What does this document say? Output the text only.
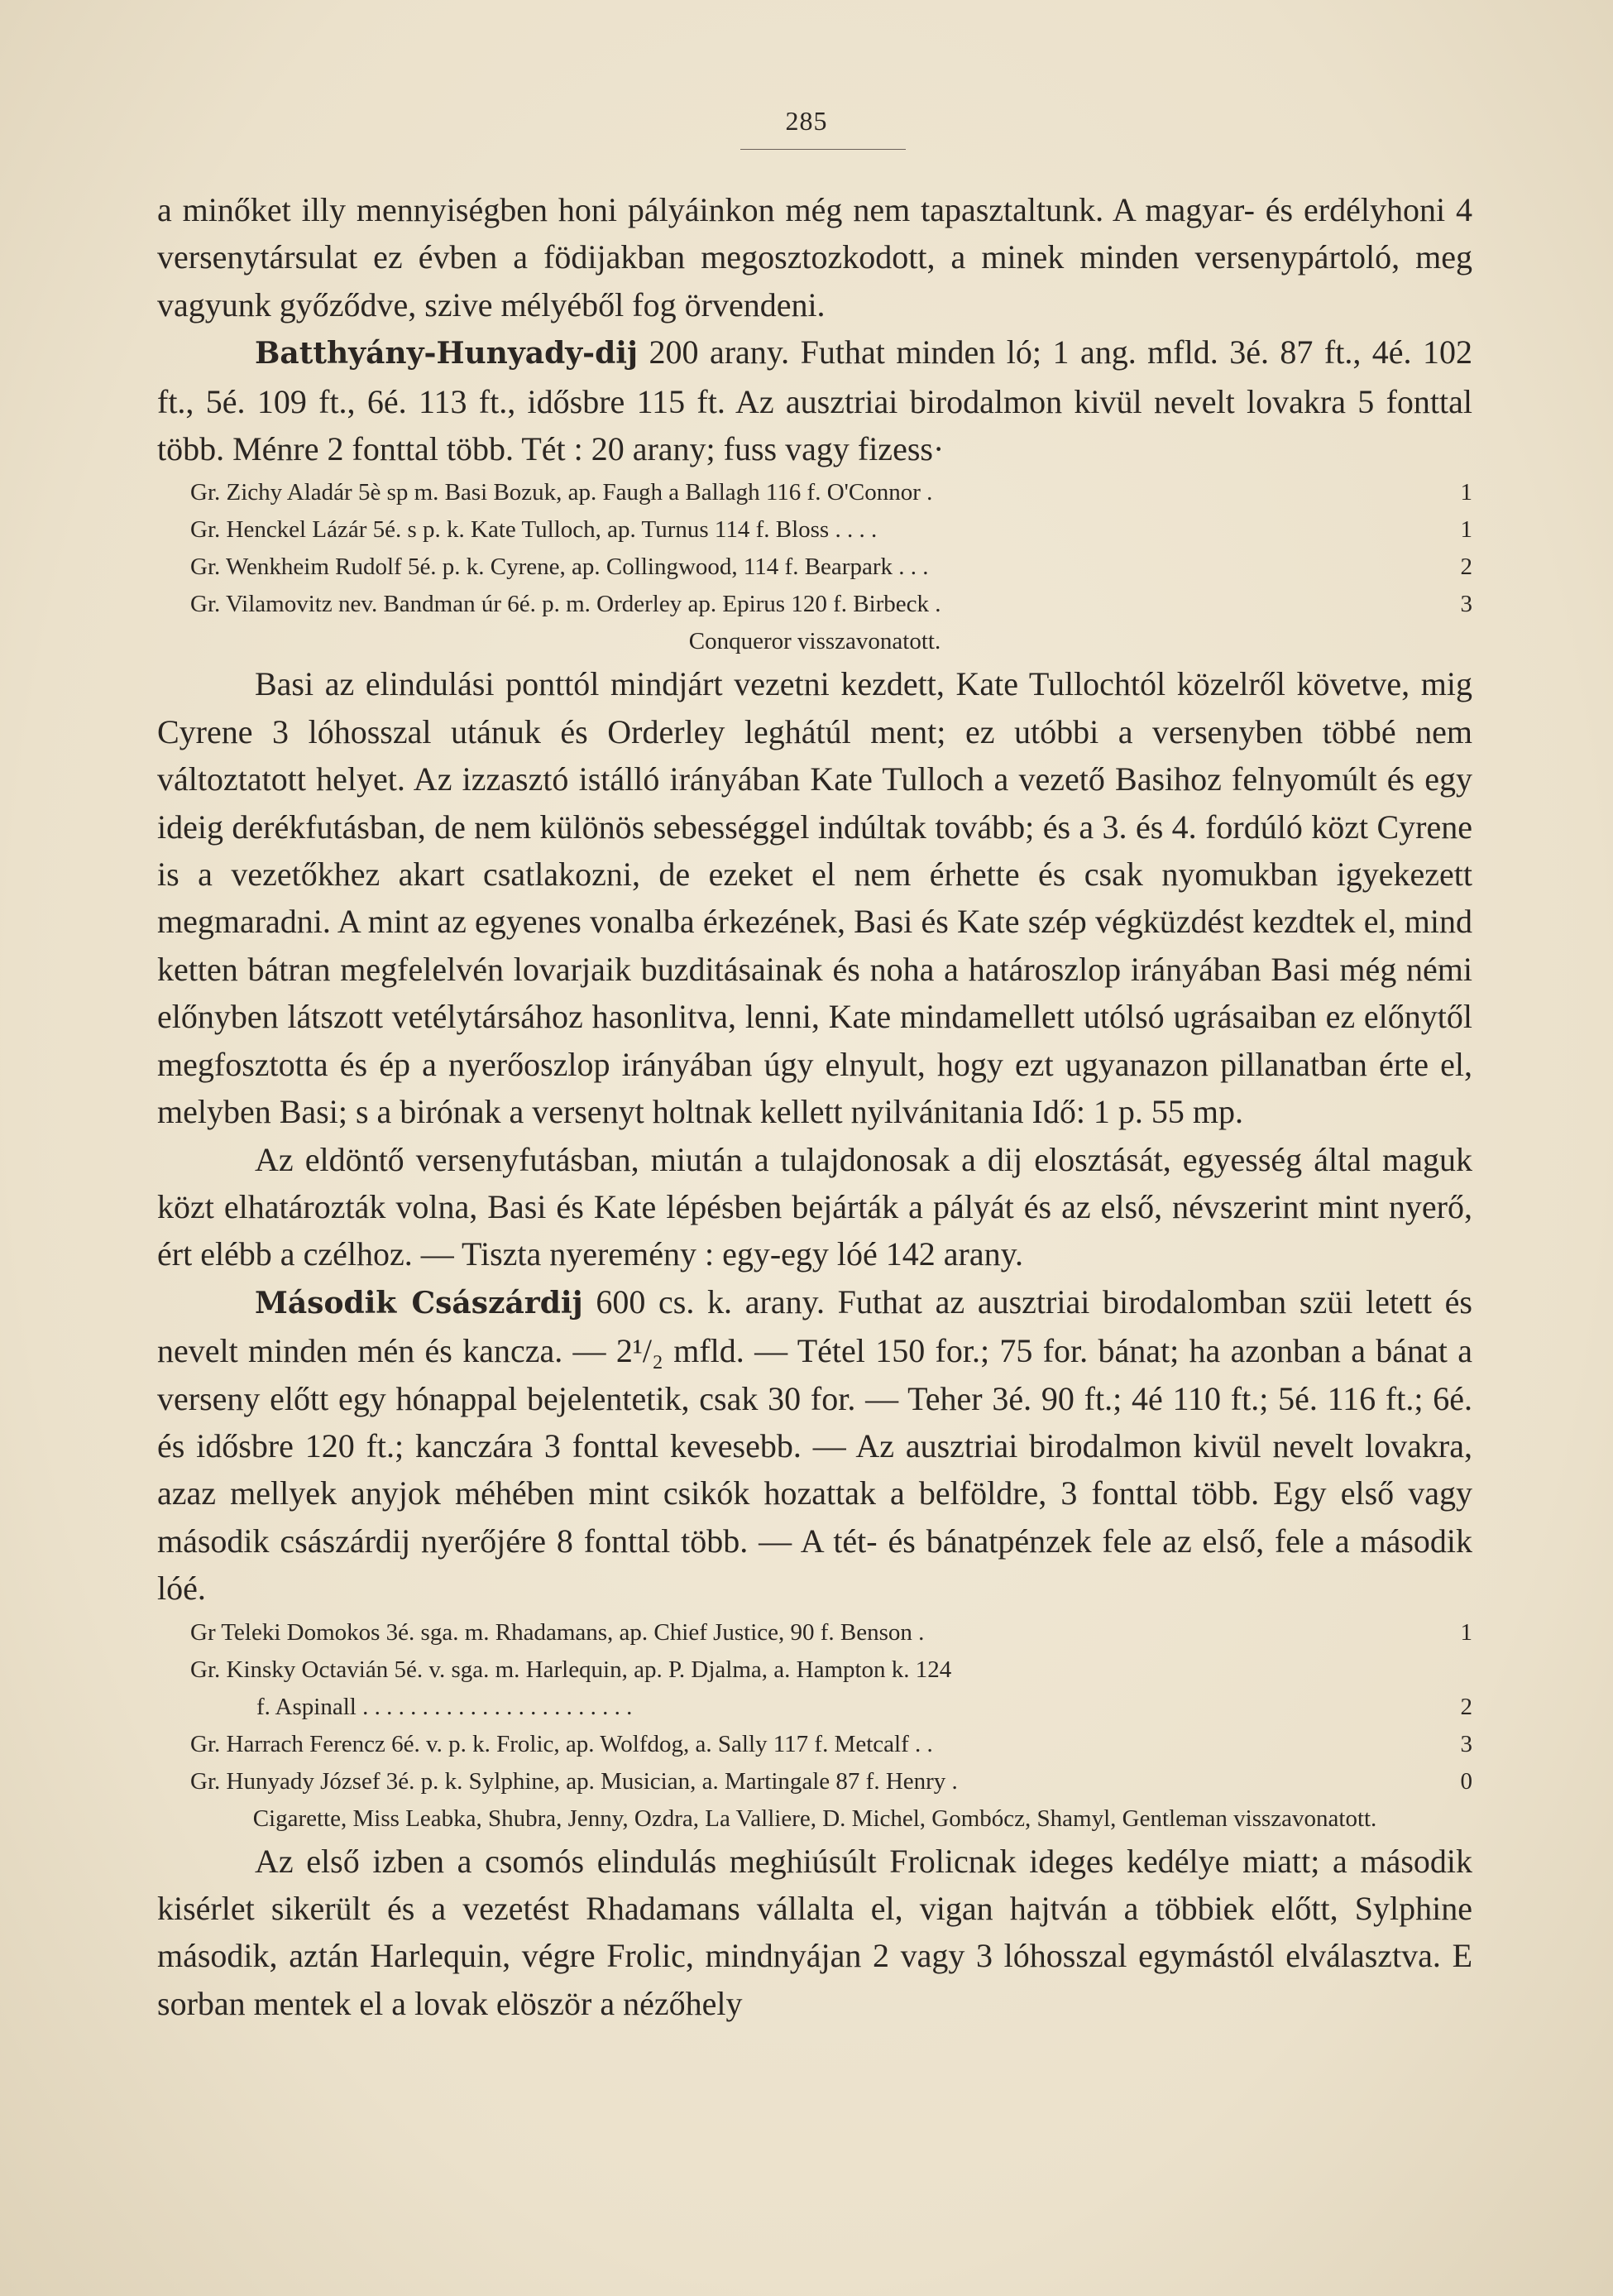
285

a minőket illy mennyiségben honi pályáinkon még nem tapasztaltunk. A magyar- és erdélyhoni 4 versenytársulat ez évben a födijakban megosztozkodott, a minek minden versenypártoló, meg vagyunk győződve, szive mélyéből fog örvendeni.

Batthyány-Hunyady-dij 200 arany. Futhat minden ló; 1 ang. mfld. 3é. 87 ft., 4é. 102 ft., 5é. 109 ft., 6é. 113 ft., idősbre 115 ft. Az ausztriai birodalmon kivül nevelt lovakra 5 fonttal több. Ménre 2 fonttal több. Tét : 20 arany; fuss vagy fizess·

Gr. Zichy Aladár 5è sp m. Basi Bozuk, ap. Faugh a Ballagh 116 f. O'Connor .	1
Gr. Henckel Lázár 5é. s p. k. Kate Tulloch, ap. Turnus 114 f. Bloss . . . .	1
Gr. Wenkheim Rudolf 5é. p. k. Cyrene, ap. Collingwood, 114 f. Bearpark . . .	2
Gr. Vilamovitz nev. Bandman úr 6é. p. m. Orderley ap. Epirus 120 f. Birbeck .	3

Conqueror visszavonatott.

Basi az elindulási ponttól mindjárt vezetni kezdett, Kate Tullochtól közelről követve, mig Cyrene 3 lóhosszal utánuk és Orderley leghátúl ment; ez utóbbi a versenyben többé nem változtatott helyet. Az izzasztó istálló irányában Kate Tulloch a vezető Basihoz felnyomúlt és egy ideig derékfutásban, de nem különös sebességgel indúltak tovább; és a 3. és 4. fordúló közt Cyrene is a vezetőkhez akart csatlakozni, de ezeket el nem érhette és csak nyomukban igyekezett megmaradni. A mint az egyenes vonalba érkezének, Basi és Kate szép végküzdést kezdtek el, mind ketten bátran megfelelvén lovarjaik buzditásainak és noha a határoszlop irányában Basi még némi előnyben látszott vetélytársához hasonlitva, lenni, Kate mindamellett utólsó ugrásaiban ez előnytől megfosztotta és ép a nyerőoszlop irányában úgy elnyult, hogy ezt ugyanazon pillanatban érte el, melyben Basi; s a birónak a versenyt holtnak kellett nyilvánitania Idő: 1 p. 55 mp.

Az eldöntő versenyfutásban, miután a tulajdonosak a dij elosztását, egyesség által maguk közt elhatározták volna, Basi és Kate lépésben bejárták a pályát és az első, névszerint mint nyerő, ért elébb a czélhoz. — Tiszta nyeremény : egy-egy lóé 142 arany.

Második Császárdij 600 cs. k. arany. Futhat az ausztriai birodalomban szüi letett és nevelt minden mén és kancza. — 2¹/₂ mfld. — Tétel 150 for.; 75 for. bánat; ha azonban a bánat a verseny előtt egy hónappal bejelentetik, csak 30 for. — Teher 3é. 90 ft.; 4é 110 ft.; 5é. 116 ft.; 6é. és idősbre 120 ft.; kanczára 3 fonttal kevesebb. — Az ausztriai birodalmon kivül nevelt lovakra, azaz mellyek anyjok méhében mint csikók hozattak a belföldre, 3 fonttal több. Egy első vagy második császárdij nyerőjére 8 fonttal több. — A tét- és bánatpénzek fele az első, fele a második lóé.

Gr Teleki Domokos 3é. sga. m. Rhadamans, ap. Chief Justice, 90 f. Benson .	1
Gr. Kinsky Octavián 5é. v. sga. m. Harlequin, ap. P. Djalma, a. Hampton k. 124
f. Aspinall . . . . . . . . . . . . . . . . . . . . . . .	2
Gr. Harrach Ferencz 6é. v. p. k. Frolic, ap. Wolfdog, a. Sally 117 f. Metcalf . .	3
Gr. Hunyady József 3é. p. k. Sylphine, ap. Musician, a. Martingale 87 f. Henry .	0

Cigarette, Miss Leabka, Shubra, Jenny, Ozdra, La Valliere, D. Michel, Gombócz, Shamyl, Gentleman visszavonatott.

Az első izben a csomós elindulás meghiúsúlt Frolicnak ideges kedélye miatt; a második kisérlet sikerült és a vezetést Rhadamans vállalta el, vigan hajtván a többiek előtt, Sylphine második, aztán Harlequin, végre Frolic, mindnyájan 2 vagy 3 lóhosszal egymástól elválasztva. E sorban mentek el a lovak elöször a nézőhely
